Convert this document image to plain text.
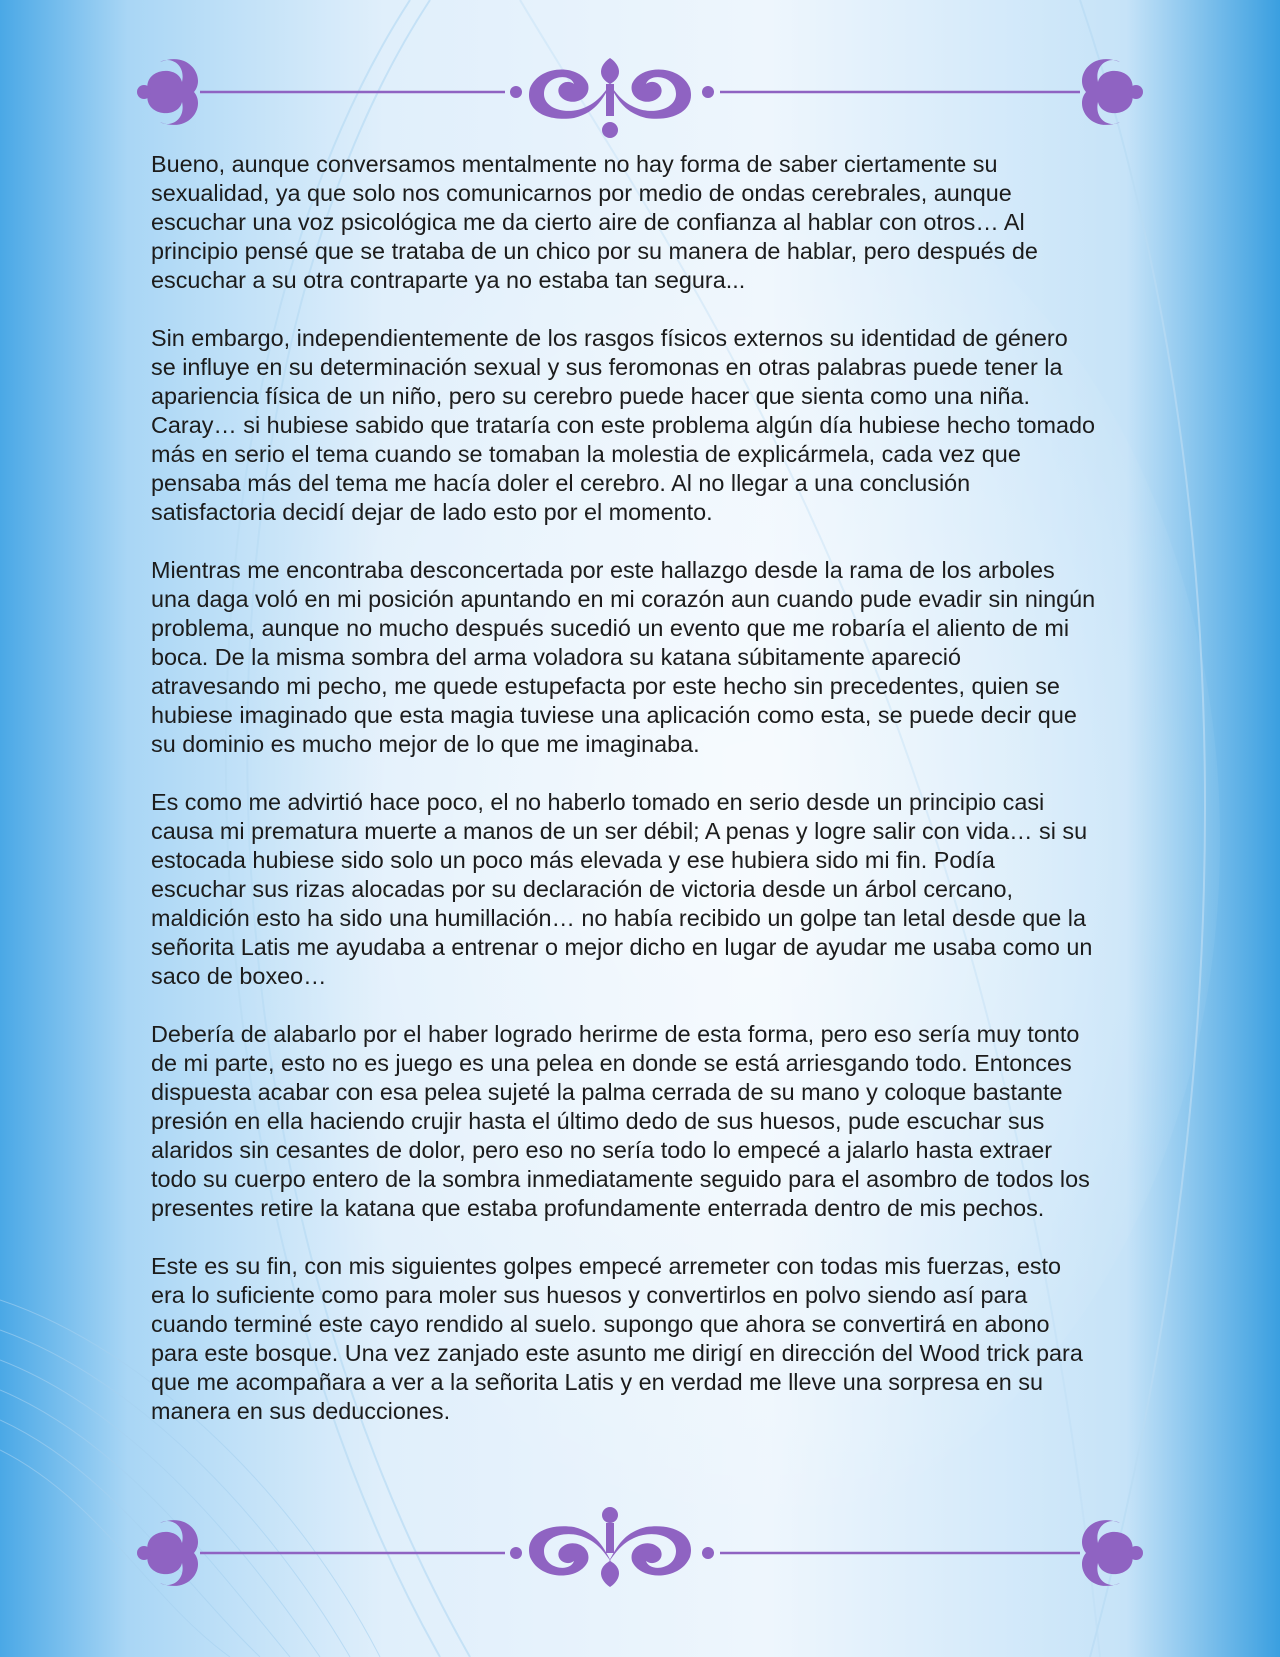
Bueno, aunque conversamos mentalmente no hay forma de saber ciertamente su sexualidad, ya que solo nos comunicarnos por medio de ondas cerebrales, aunque escuchar una voz psicológica me da cierto aire de confianza al hablar con otros… Al principio pensé que se trataba de un chico por su manera de hablar, pero después de escuchar a su otra contraparte ya no estaba tan segura...

Sin embargo, independientemente de los rasgos físicos externos su identidad de género se influye en su determinación sexual y sus feromonas en otras palabras puede tener la apariencia física de un niño, pero su cerebro puede hacer que sienta como una niña. Caray… si hubiese sabido que trataría con este problema algún día hubiese hecho tomado más en serio el tema cuando se tomaban la molestia de explicármela, cada vez que pensaba más del tema me hacía doler el cerebro. Al no llegar a una conclusión satisfactoria decidí dejar de lado esto por el momento.

Mientras me encontraba desconcertada por este hallazgo desde la rama de los arboles una daga voló en mi posición apuntando en mi corazón aun cuando pude evadir sin ningún problema, aunque no mucho después sucedió un evento que me robaría el aliento de mi boca. De la misma sombra del arma voladora su katana súbitamente apareció atravesando mi pecho, me quede estupefacta por este hecho sin precedentes, quien se hubiese imaginado que esta magia tuviese una aplicación como esta, se puede decir que su dominio es mucho mejor de lo que me imaginaba.

Es como me advirtió hace poco, el no haberlo tomado en serio desde un principio casi causa mi prematura muerte a manos de un ser débil; A penas y logre salir con vida… si su estocada hubiese sido solo un poco más elevada y ese hubiera sido mi fin. Podía escuchar sus rizas alocadas por su declaración de victoria desde un árbol cercano, maldición esto ha sido una humillación… no había recibido un golpe tan letal desde que la señorita Latis me ayudaba a entrenar o mejor dicho en lugar de ayudar me usaba como un saco de boxeo…

Debería de alabarlo por el haber logrado herirme de esta forma, pero eso sería muy tonto de mi parte, esto no es juego es una pelea en donde se está arriesgando todo. Entonces dispuesta acabar con esa pelea sujeté la palma cerrada de su mano y coloque bastante presión en ella haciendo crujir hasta el último dedo de sus huesos, pude escuchar sus alaridos sin cesantes de dolor, pero eso no sería todo lo empecé a jalarlo hasta extraer todo su cuerpo entero de la sombra inmediatamente seguido para el asombro de todos los presentes retire la katana que estaba profundamente enterrada dentro de mis pechos.

Este es su fin, con mis siguientes golpes empecé arremeter con todas mis fuerzas, esto era lo suficiente como para moler sus huesos y convertirlos en polvo siendo así para cuando terminé este cayo rendido al suelo. supongo que ahora se convertirá en abono para este bosque. Una vez zanjado este asunto me dirigí en dirección del Wood trick para que me acompañara a ver a la señorita Latis y en verdad me lleve una sorpresa en su manera en sus deducciones.
